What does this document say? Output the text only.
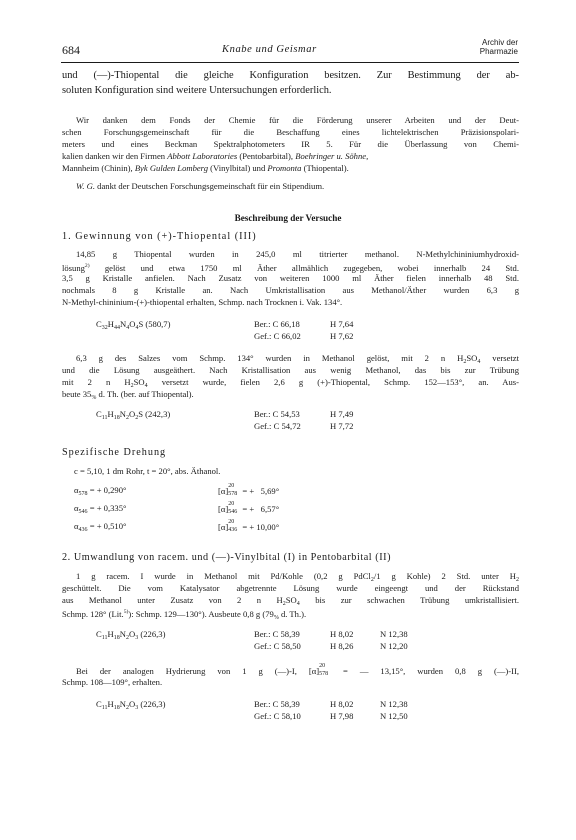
684	Knabe und Geismar
Archiv der
Pharmazie
und (—)-Thiopental die gleiche Konfiguration besitzen. Zur Bestimmung der ab-
soluten Konfiguration sind weitere Untersuchungen erforderlich.
Wir danken dem Fonds der Chemie für die Förderung unserer Arbeiten und der Deut-
schen Forschungsgemeinschaft für die Beschaffung eines lichtelektrischen Präzisionspolari-
meters und eines Beckman Spektralphotometers IR 5. Für die Überlassung von Chemi-
kalien danken wir den Firmen Abbott Laboratories (Pentobarbital), Boehringer u. Söhne,
Mannheim (Chinin), Byk Gulden Lomberg (Vinylbital) und Promonta (Thiopental).
W. G. dankt der Deutschen Forschungsgemeinschaft für ein Stipendium.
Beschreibung der Versuche
1. Gewinnung von (+)-Thiopental (III)
14,85 g Thiopental wurden in 245,0 ml titrierter methanol. N-Methylchininiumhydroxid-
lösung$^{2)}$ gelöst und etwa 1750 ml Äther allmählich zugegeben, wobei innerhalb 24 Std.
3,5 g Kristalle anfielen. Nach Zusatz von weiteren 1000 ml Äther fielen innerhalb 48 Std.
nochmals 8 g Kristalle an. Nach Umkristallisation aus Methanol/Äther wurden 6,3 g
N-Methyl-chininium-(+)-thiopental erhalten, Schmp. nach Trocknen i. Vak. 134°.
$C_{32}H_{44}N_4O_4S$ (580,7)	Ber.: C 66,18	H 7,64
Gef.: C 66,02	H 7,62
6,3 g des Salzes vom Schmp. 134° wurden in Methanol gelöst, mit 2 n $H_2SO_4$ versetzt
und die Lösung ausgeäthert. Nach Kristallisation aus wenig Methanol, das bis zur Trübung
mit 2 n $H_2SO_4$ versetzt wurde, fielen 2,6 g (+)-Thiopental, Schmp. 152—153°, an. Aus-
beute $35_{\%}$ d. Th. (ber. auf Thiopental).
$C_{11}H_{18}N_2O_2S$ (242,3)	Ber.: C 54,53	H 7,49
Gef.: C 54,72	H 7,72
Spezifische Drehung
c = 5,10, 1 dm Rohr, t = 20°, abs. Äthanol.
$\alpha_{578}$ = + 0,290°	[α] 20
578 = +   5,69°
$\alpha_{546}$ = + 0,335°	[α] 20
546 = +   6,57°
$\alpha_{436}$ = + 0,510°	[α] 20
436 = + 10,00°
2. Umwandlung von racem. und (—)-Vinylbital (I) in Pentobarbital (II)
1 g racem. I wurde in Methanol mit Pd/Kohle (0,2 g PdCl$_2$/1 g Kohle) 2 Std. unter $H_2$
geschüttelt. Die vom Katalysator abgetrennte Lösung wurde eingeengt und der Rückstand
aus Methanol unter Zusatz von 2 n $H_2SO_4$ bis zur schwachen Trübung umkristallisiert.
Schmp. 128° (Lit.$^{5)}$): Schmp. 129—130°). Ausbeute 0,8 g ($79_{\%}$ d. Th.).
$C_{11}H_{18}N_2O_3$ (226,3)	Ber.: C 58,39	H 8,02	N 12,38
Gef.: C 58,50	H 8,26	N 12,20
Bei der analogen Hydrierung von 1 g (—)-I, [α] 20
578 = — 13,15°, wurden 0,8 g (—)-II,
Schmp. 108—109°, erhalten.
$C_{11}H_{18}N_2O_3$ (226,3)	Ber.: C 58,39	H 8,02	N 12,38
Gef.: C 58,10	H 7,98	N 12,50
